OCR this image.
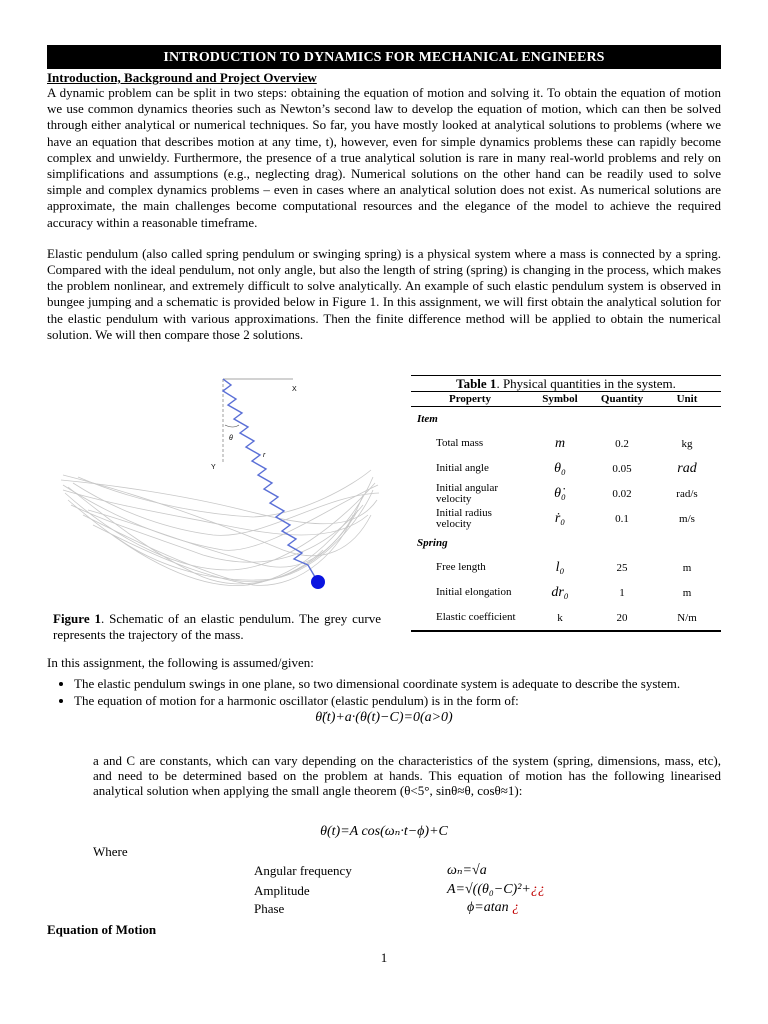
INTRODUCTION TO DYNAMICS FOR MECHANICAL ENGINEERS
Introduction, Background and Project Overview

A dynamic problem can be split in two steps: obtaining the equation of motion and solving it. To obtain the equation of motion we use common dynamics theories such as Newton’s second law to develop the equation of motion, which can then be solved through either analytical or numerical techniques. So far, you have mostly looked at analytical solutions to problems (where we have an equation that describes motion at any time, t), however, even for simple dynamics problems these can rapidly become complex and unwieldy. Furthermore, the presence of a true analytical solution is rare in many real-world problems and rely on simplifications and assumptions (e.g., neglecting drag). Numerical solutions on the other hand can be readily used to solve simple and complex dynamics problems – even in cases where an analytical solution does not exist. As numerical solutions are approximate, the main challenges become computational resources and the elegance of the model to achieve the required accuracy within a reasonable timeframe.

Elastic pendulum (also called spring pendulum or swinging spring) is a physical system where a mass is connected by a spring. Compared with the ideal pendulum, not only angle, but also the length of string (spring) is changing in the process, which makes the problem nonlinear, and extremely difficult to solve analytically. An example of such elastic pendulum system is observed in bungee jumping and a schematic is provided below in Figure 1. In this assignment, we will first obtain the analytical solution for the elastic pendulum with various approximations. Then the finite difference method will be applied to obtain the numerical solution. We will then compare those 2 solutions.

X
Y
θ
r
Figure 1. Schematic of an elastic pendulum. The grey curve represents the trajectory of the mass.
Table 1. Physical quantities in the system.
Property	Symbol	Quantity	Unit
Item			
Total mass	m	0.2	kg
Initial angle	θ₀	0.05	rad
Initial angular velocity	θ̇₀	0.02	rad/s
Initial radius velocity	ṙ₀	0.1	m/s
Spring			
Free length	l₀	25	m
Initial elongation	dr₀	1	m
Elastic coefficient	k	20	N/m
In this assignment, the following is assumed/given:
• The elastic pendulum swings in one plane, so two dimensional coordinate system is adequate to describe the system.
• The equation of motion for a harmonic oscillator (elastic pendulum) is in the form of:

θ̈(t)+a·(θ(t)−C)=0(a>0)

a and C are constants, which can vary depending on the characteristics of the system (spring, dimensions, mass, etc), and need to be determined based on the problem at hands. This equation of motion has the following linearised analytical solution when applying the small angle theorem (θ<5°, sinθ≈θ, cosθ≈1):

θ(t)=A cos(ωₙ·t−ϕ)+C

Where
Angular frequency	ωₙ=√a
Amplitude	A=√((θ₀−C)²+¿¿
Phase	ϕ=atan ¿
Equation of Motion
1
